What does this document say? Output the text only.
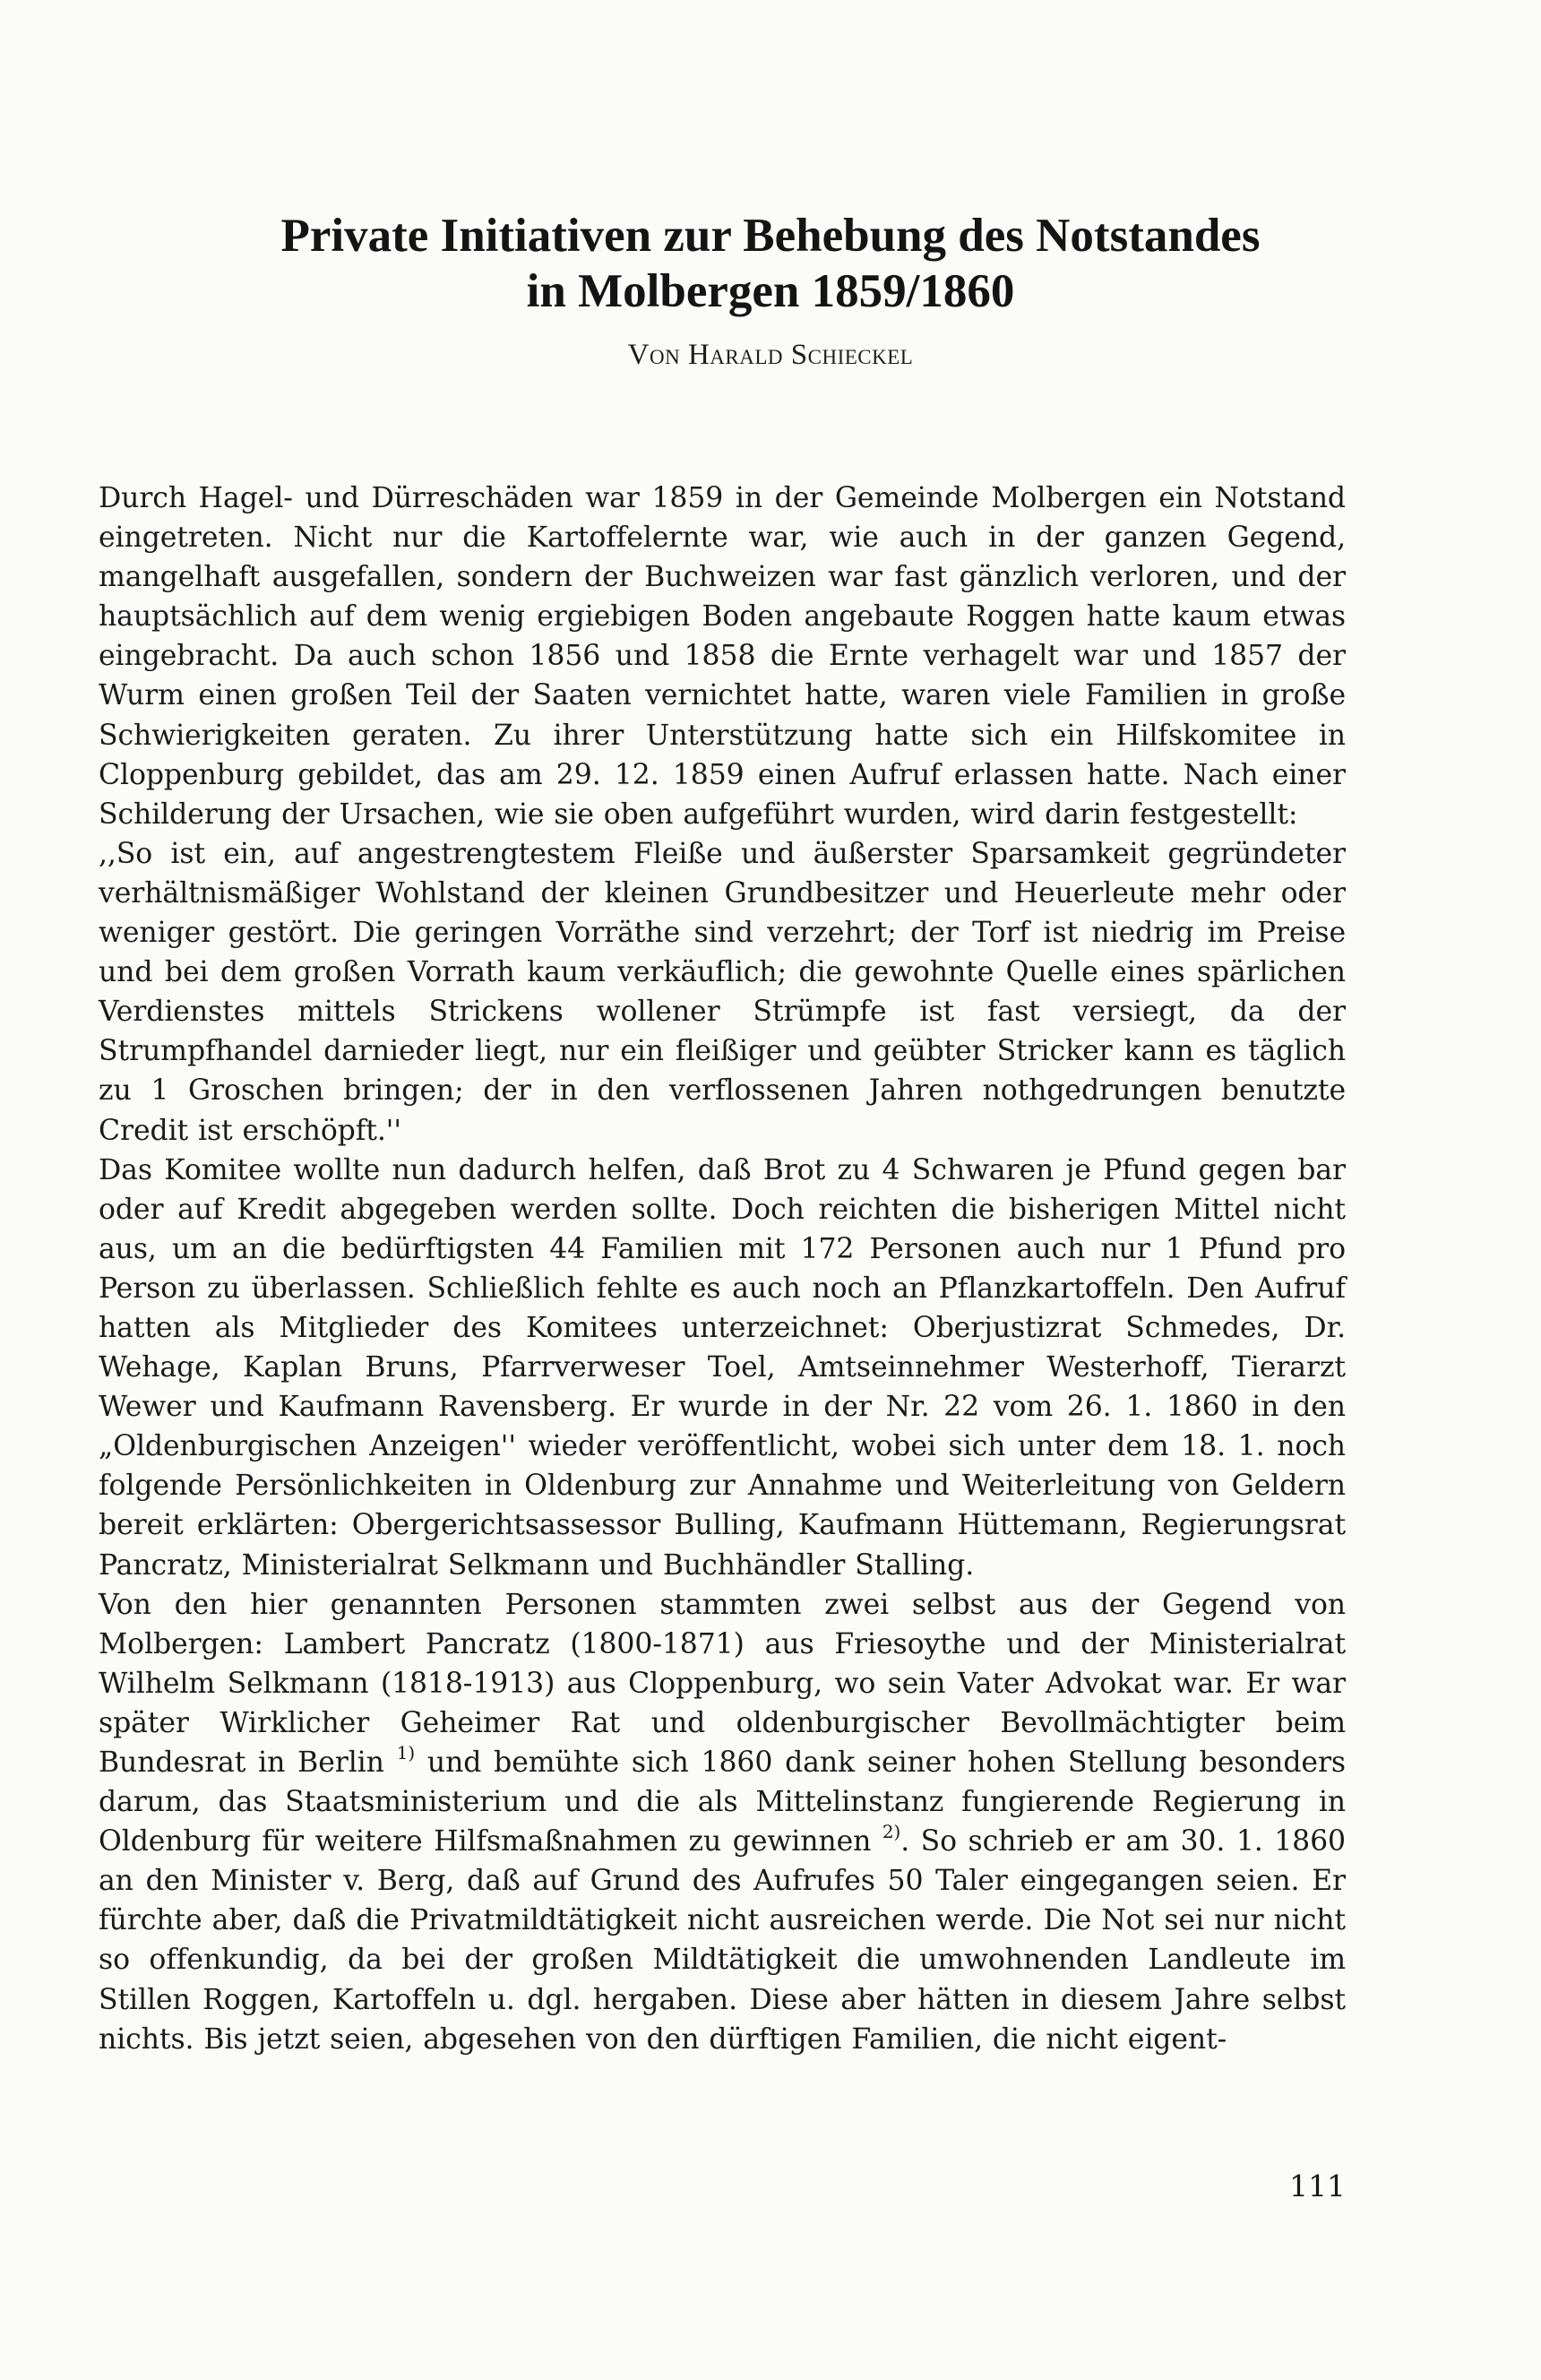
Private Initiativen zur Behebung des Notstandes
in Molbergen 1859/1860
Von Harald Schieckel

Durch Hagel- und Dürreschäden war 1859 in der Gemeinde Molbergen ein Notstand eingetreten. Nicht nur die Kartoffelernte war, wie auch in der ganzen Gegend, mangelhaft ausgefallen, sondern der Buchweizen war fast gänzlich verloren, und der hauptsächlich auf dem wenig ergiebigen Boden angebaute Roggen hatte kaum etwas eingebracht. Da auch schon 1856 und 1858 die Ernte verhagelt war und 1857 der Wurm einen großen Teil der Saaten vernichtet hatte, waren viele Familien in große Schwierigkeiten geraten. Zu ihrer Unterstützung hatte sich ein Hilfskomitee in Cloppenburg gebildet, das am 29. 12. 1859 einen Aufruf erlassen hatte. Nach einer Schilderung der Ursachen, wie sie oben aufgeführt wurden, wird darin festgestellt:

,,So ist ein, auf angestrengtestem Fleiße und äußerster Sparsamkeit gegründeter verhältnismäßiger Wohlstand der kleinen Grundbesitzer und Heuerleute mehr oder weniger gestört. Die geringen Vorräthe sind verzehrt; der Torf ist niedrig im Preise und bei dem großen Vorrath kaum verkäuflich; die gewohnte Quelle eines spärlichen Verdienstes mittels Strickens wollener Strümpfe ist fast versiegt, da der Strumpfhandel darnieder liegt, nur ein fleißiger und geübter Stricker kann es täglich zu 1 Groschen bringen; der in den verflossenen Jahren nothgedrungen benutzte Credit ist erschöpft.''

Das Komitee wollte nun dadurch helfen, daß Brot zu 4 Schwaren je Pfund gegen bar oder auf Kredit abgegeben werden sollte. Doch reichten die bisherigen Mittel nicht aus, um an die bedürftigsten 44 Familien mit 172 Personen auch nur 1 Pfund pro Person zu überlassen. Schließlich fehlte es auch noch an Pflanzkartoffeln. Den Aufruf hatten als Mitglieder des Komitees unterzeichnet: Oberjustizrat Schmedes, Dr. Wehage, Kaplan Bruns, Pfarrverweser Toel, Amtseinnehmer Westerhoff, Tierarzt Wewer und Kaufmann Ravensberg. Er wurde in der Nr. 22 vom 26. 1. 1860 in den „Oldenburgischen Anzeigen'' wieder veröffentlicht, wobei sich unter dem 18. 1. noch folgende Persönlichkeiten in Oldenburg zur Annahme und Weiterleitung von Geldern bereit erklärten: Obergerichtsassessor Bulling, Kaufmann Hüttemann, Regierungsrat Pancratz, Ministerialrat Selkmann und Buchhändler Stalling.

Von den hier genannten Personen stammten zwei selbst aus der Gegend von Molbergen: Lambert Pancratz (1800-1871) aus Friesoythe und der Ministerialrat Wilhelm Selkmann (1818-1913) aus Cloppenburg, wo sein Vater Advokat war. Er war später Wirklicher Geheimer Rat und oldenburgischer Bevollmächtigter beim Bundesrat in Berlin $^{1)}$ und bemühte sich 1860 dank seiner hohen Stellung besonders darum, das Staatsministerium und die als Mittelinstanz fungierende Regierung in Oldenburg für weitere Hilfsmaßnahmen zu gewinnen $^{2)}$. So schrieb er am 30. 1. 1860 an den Minister v. Berg, daß auf Grund des Aufrufes 50 Taler eingegangen seien. Er fürchte aber, daß die Privatmildtätigkeit nicht ausreichen werde. Die Not sei nur nicht so offenkundig, da bei der großen Mildtätigkeit die umwohnenden Landleute im Stillen Roggen, Kartoffeln u. dgl. hergaben. Diese aber hätten in diesem Jahre selbst nichts. Bis jetzt seien, abgesehen von den dürftigen Familien, die nicht eigent-

111
